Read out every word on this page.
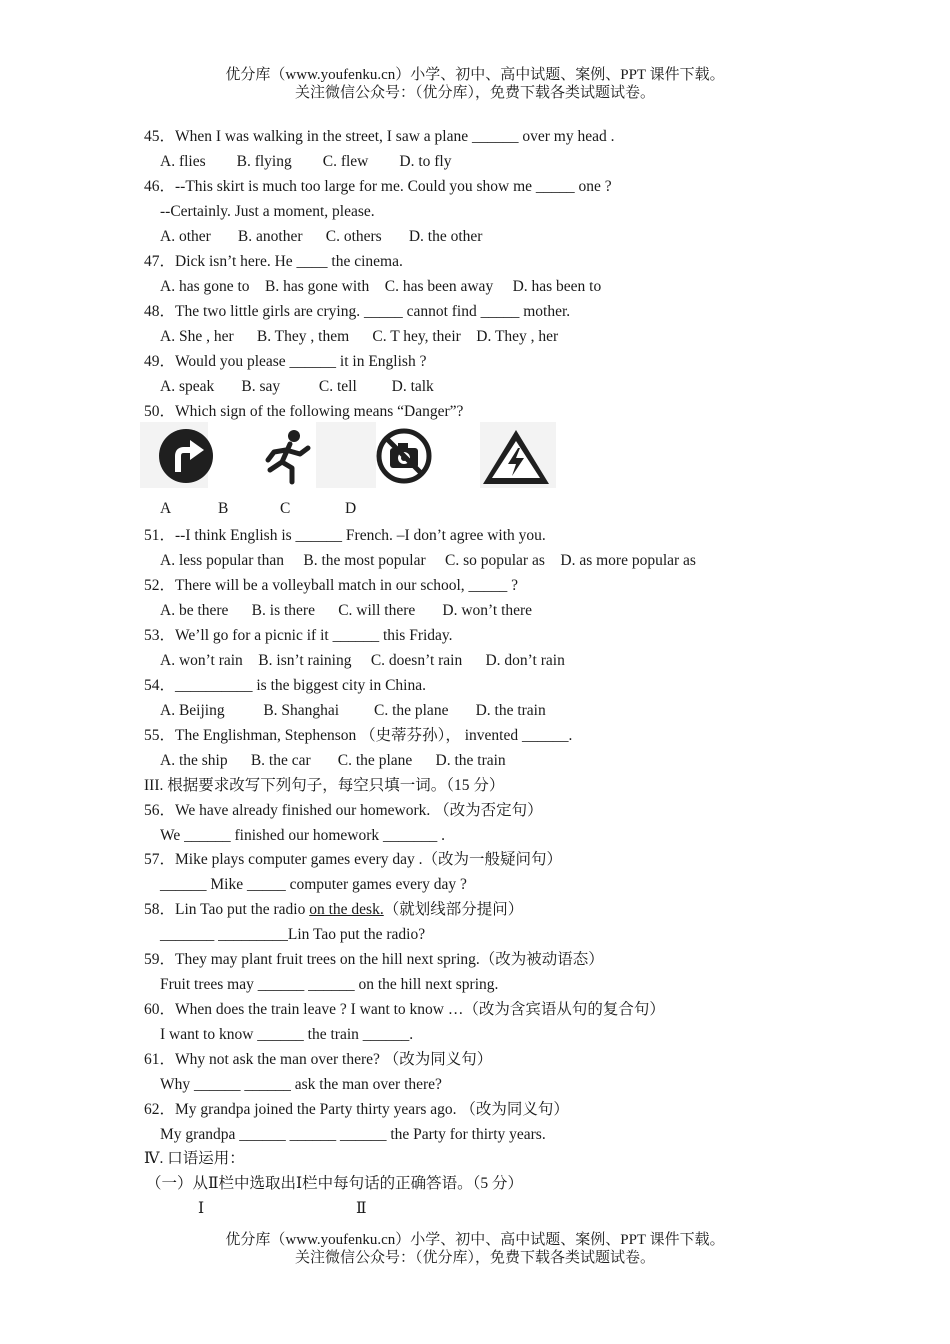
优分库（www.youfenku.cn）小学、初中、高中试题、案例、PPT 课件下载。
关注微信公众号：（优分库），免费下载各类试题试卷。
45．When I was walking in the street, I saw a plane ______ over my head .
A. flies        B. flying        C. flew        D. to fly
46．--This skirt is much too large for me. Could you show me _____ one ?
--Certainly. Just a moment, please.
A. other       B. another      C. others       D. the other
47．Dick isn’t here. He ____ the cinema.
A. has gone to    B. has gone with    C. has been away     D. has been to
48．The two little girls are crying. _____ cannot find _____ mother.
A. She , her      B. They , them      C. T hey, their    D. They , her
49．Would you please ______ it in English ?
A. speak       B. say          C. tell         D. talk
50．Which sign of the following means “Danger”?
A	B	C	D
51．--I think English is ______ French. –I don’t agree with you.
A. less popular than     B. the most popular     C. so popular as    D. as more popular as
52．There will be a volleyball match in our school, _____ ?
A. be there      B. is there      C. will there       D. won’t there
53．We’ll go for a picnic if it ______ this Friday.
A. won’t rain    B. isn’t raining     C. doesn’t rain      D. don’t rain
54．__________ is the biggest city in China.
A. Beijing          B. Shanghai         C. the plane       D. the train
55．The Englishman, Stephenson （史蒂芬孙）， invented ______.
A. the ship      B. the car       C. the plane      D. the train
III. 根据要求改写下列句子，每空只填一词。（15 分）
56．We have already finished our homework. （改为否定句）
We ______ finished our homework _______ .
57．Mike plays computer games every day .（改为一般疑问句）
______ Mike _____ computer games every day ?
58．Lin Tao put the radio on the desk.（就划线部分提问）
_______ _________Lin Tao put the radio?
59．They may plant fruit trees on the hill next spring.（改为被动语态）
Fruit trees may ______ ______ on the hill next spring.
60．When does the train leave ? I want to know …（改为含宾语从句的复合句）
I want to know ______ the train ______.
61．Why not ask the man over there? （改为同义句）
Why ______ ______ ask the man over there?
62．My grandpa joined the Party thirty years ago. （改为同义句）
My grandpa ______ ______ ______ the Party for thirty years.
Ⅳ. 口语运用：
（一）从Ⅱ栏中选取出Ⅰ栏中每句话的正确答语。（5 分）
Ⅰ	Ⅱ
优分库（www.youfenku.cn）小学、初中、高中试题、案例、PPT 课件下载。
关注微信公众号：（优分库），免费下载各类试题试卷。
